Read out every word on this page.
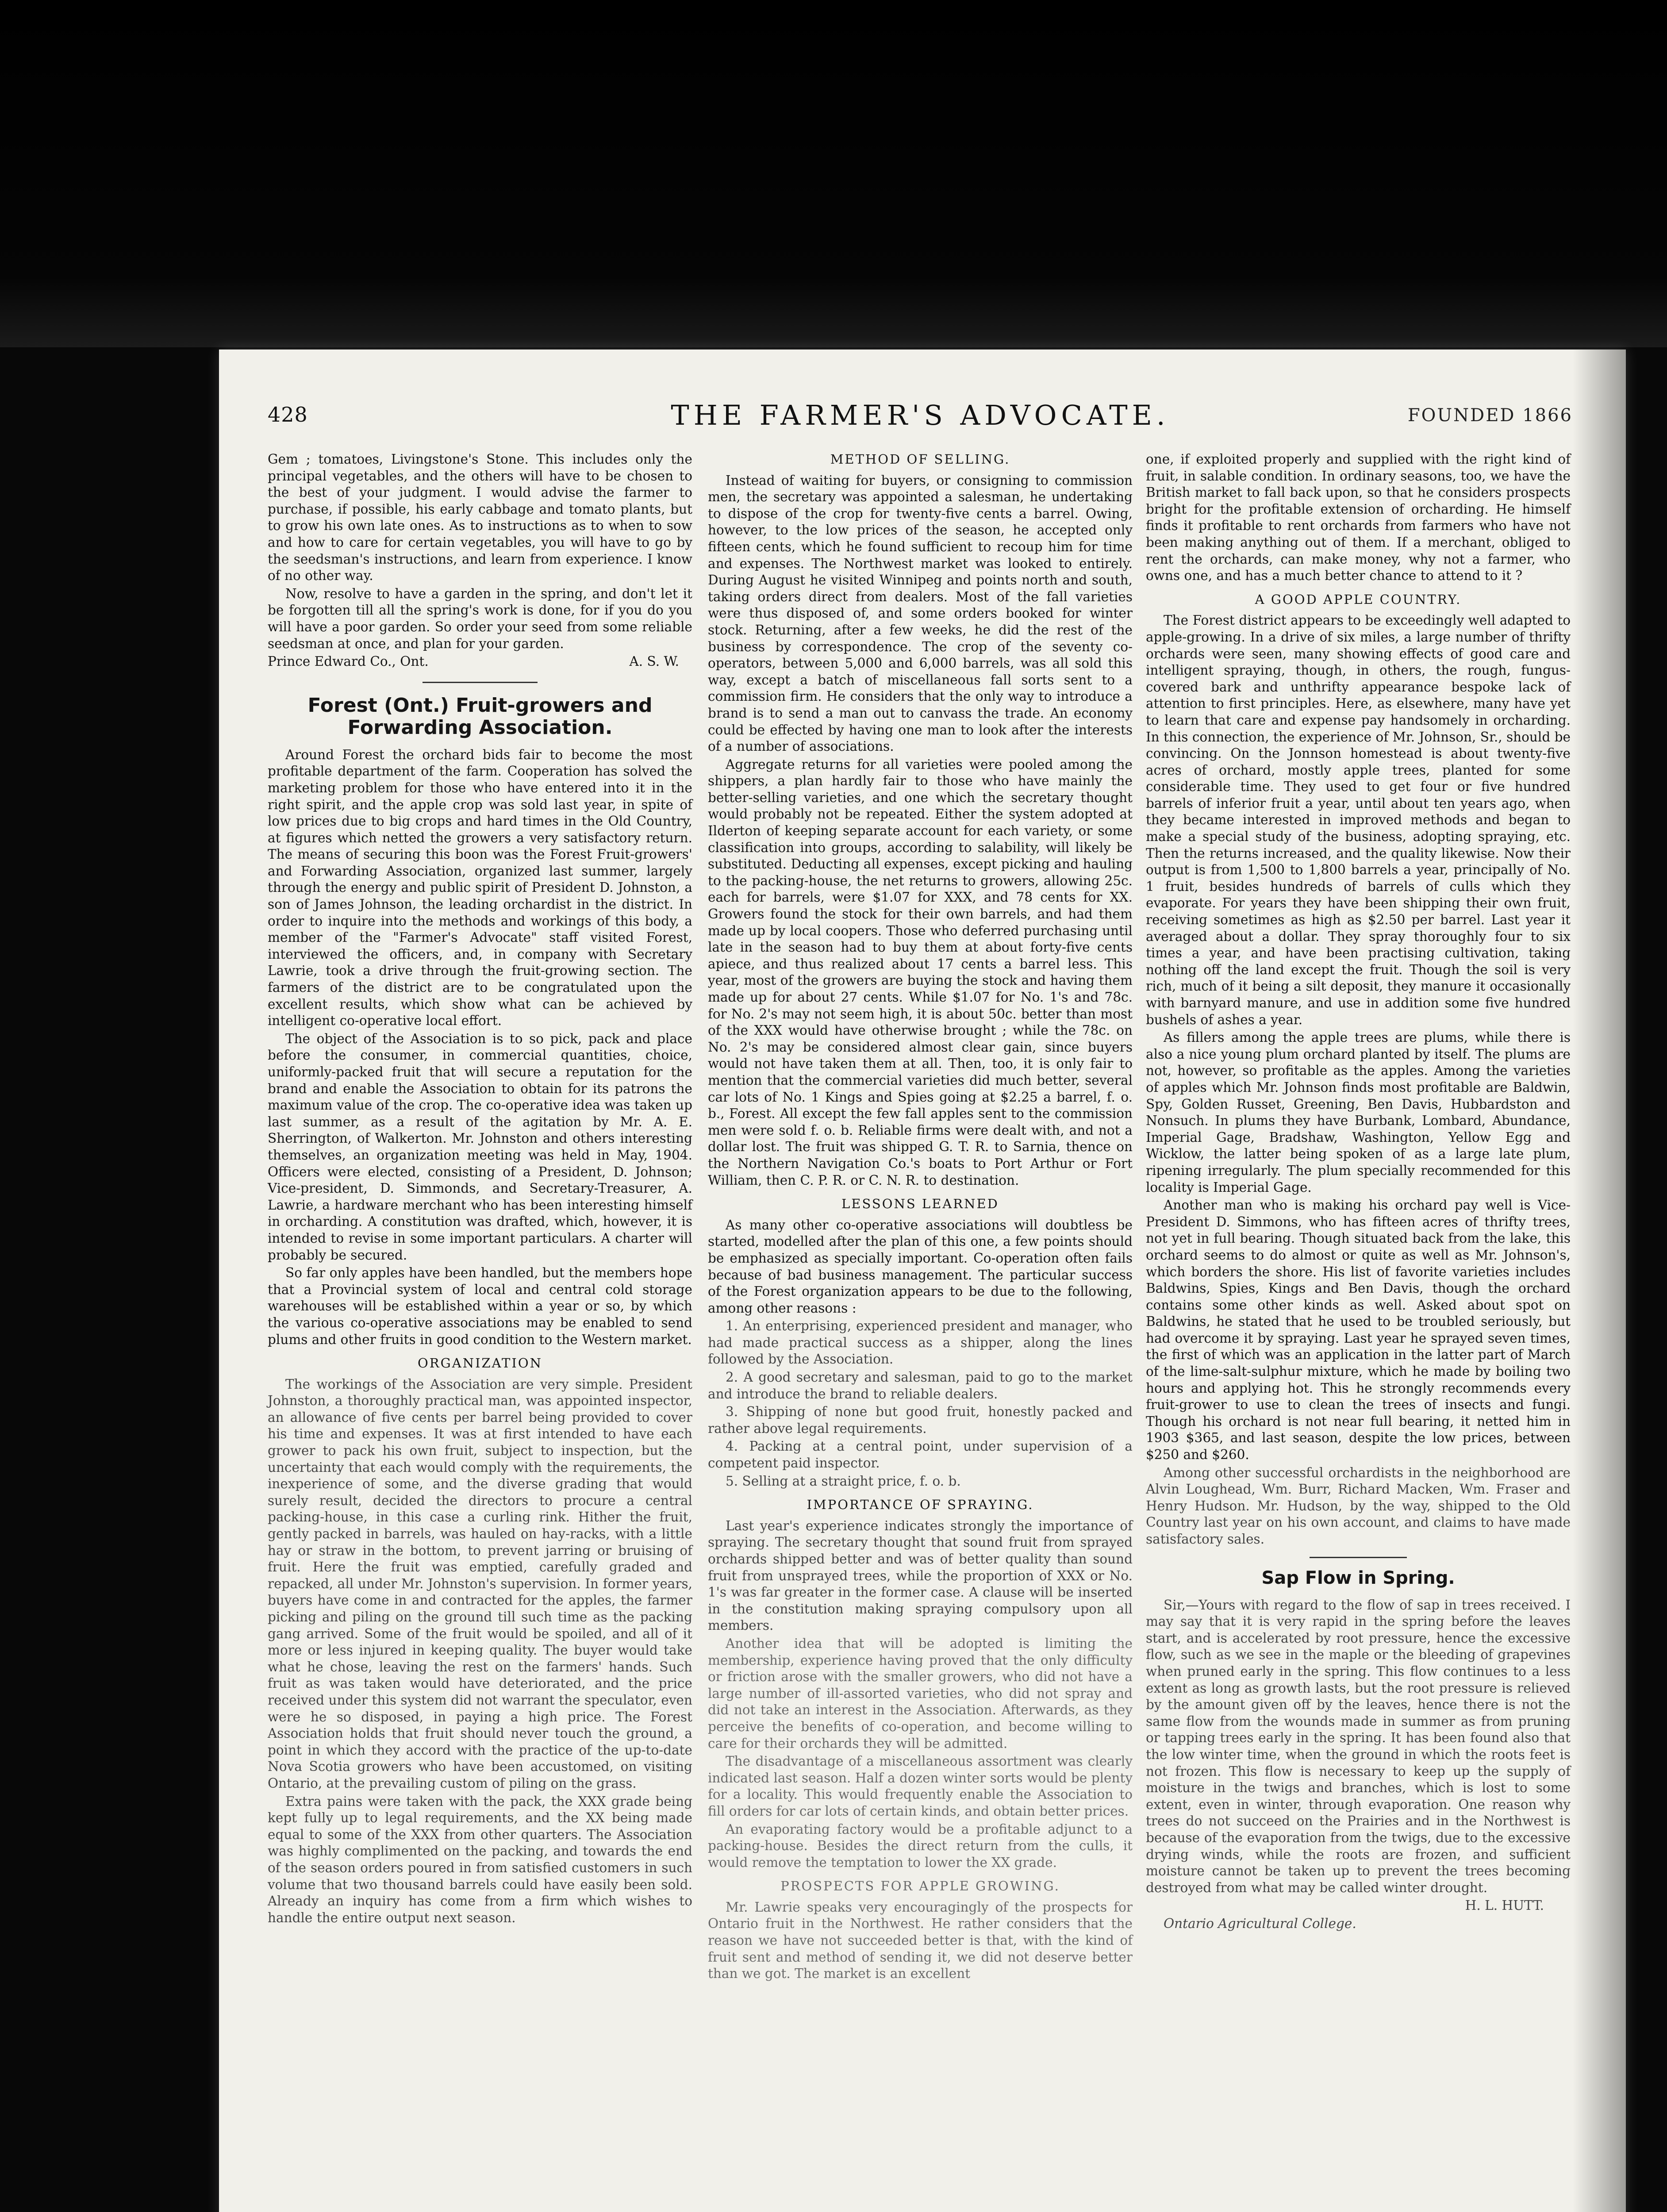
428	THE FARMER'S ADVOCATE.	FOUNDED 1866

Gem ; tomatoes, Livingstone's Stone. This includes only the principal vegetables, and the others will have to be chosen to the best of your judgment. I would advise the farmer to purchase, if possible, his early cabbage and tomato plants, but to grow his own late ones. As to instructions as to when to sow and how to care for certain vegetables, you will have to go by the seedsman's instructions, and learn from experience. I know of no other way.

Now, resolve to have a garden in the spring, and don't let it be forgotten till all the spring's work is done, for if you do you will have a poor garden. So order your seed from some reliable seedsman at once, and plan for your garden.

Prince Edward Co., Ont.	A. S. W.

Forest (Ont.) Fruit-growers and Forwarding Association.

Around Forest the orchard bids fair to become the most profitable department of the farm. Cooperation has solved the marketing problem for those who have entered into it in the right spirit, and the apple crop was sold last year, in spite of low prices due to big crops and hard times in the Old Country, at figures which netted the growers a very satisfactory return. The means of securing this boon was the Forest Fruit-growers' and Forwarding Association, organized last summer, largely through the energy and public spirit of President D. Johnston, a son of James Johnson, the leading orchardist in the district. In order to inquire into the methods and workings of this body, a member of the "Farmer's Advocate" staff visited Forest, interviewed the officers, and, in company with Secretary Lawrie, took a drive through the fruit-growing section. The farmers of the district are to be congratulated upon the excellent results, which show what can be achieved by intelligent co-operative local effort.

The object of the Association is to so pick, pack and place before the consumer, in commercial quantities, choice, uniformly-packed fruit that will secure a reputation for the brand and enable the Association to obtain for its patrons the maximum value of the crop. The co-operative idea was taken up last summer, as a result of the agitation by Mr. A. E. Sherrington, of Walkerton. Mr. Johnston and others interesting themselves, an organization meeting was held in May, 1904. Officers were elected, consisting of a President, D. Johnson; Vice-president, D. Simmonds, and Secretary-Treasurer, A. Lawrie, a hardware merchant who has been interesting himself in orcharding. A constitution was drafted, which, however, it is intended to revise in some important particulars. A charter will probably be secured.

So far only apples have been handled, but the members hope that a Provincial system of local and central cold storage warehouses will be established within a year or so, by which the various co-operative associations may be enabled to send plums and other fruits in good condition to the Western market.

ORGANIZATION

The workings of the Association are very simple. President Johnston, a thoroughly practical man, was appointed inspector, an allowance of five cents per barrel being provided to cover his time and expenses. It was at first intended to have each grower to pack his own fruit, subject to inspection, but the uncertainty that each would comply with the requirements, the inexperience of some, and the diverse grading that would surely result, decided the directors to procure a central packing-house, in this case a curling rink. Hither the fruit, gently packed in barrels, was hauled on hay-racks, with a little hay or straw in the bottom, to prevent jarring or bruising of fruit. Here the fruit was emptied, carefully graded and repacked, all under Mr. Johnston's supervision. In former years, buyers have come in and contracted for the apples, the farmer picking and piling on the ground till such time as the packing gang arrived. Some of the fruit would be spoiled, and all of it more or less injured in keeping quality. The buyer would take what he chose, leaving the rest on the farmers' hands. Such fruit as was taken would have deteriorated, and the price received under this system did not warrant the speculator, even were he so disposed, in paying a high price. The Forest Association holds that fruit should never touch the ground, a point in which they accord with the practice of the up-to-date Nova Scotia growers who have been accustomed, on visiting Ontario, at the prevailing custom of piling on the grass.

Extra pains were taken with the pack, the XXX grade being kept fully up to legal requirements, and the XX being made equal to some of the XXX from other quarters. The Association was highly complimented on the packing, and towards the end of the season orders poured in from satisfied customers in such volume that two thousand barrels could have easily been sold. Already an inquiry has come from a firm which wishes to handle the entire output next season.

METHOD OF SELLING.

Instead of waiting for buyers, or consigning to commission men, the secretary was appointed a salesman, he undertaking to dispose of the crop for twenty-five cents a barrel. Owing, however, to the low prices of the season, he accepted only fifteen cents, which he found sufficient to recoup him for time and expenses. The Northwest market was looked to entirely. During August he visited Winnipeg and points north and south, taking orders direct from dealers. Most of the fall varieties were thus disposed of, and some orders booked for winter stock. Returning, after a few weeks, he did the rest of the business by correspondence. The crop of the seventy co-operators, between 5,000 and 6,000 barrels, was all sold this way, except a batch of miscellaneous fall sorts sent to a commission firm. He considers that the only way to introduce a brand is to send a man out to canvass the trade. An economy could be effected by having one man to look after the interests of a number of associations.

Aggregate returns for all varieties were pooled among the shippers, a plan hardly fair to those who have mainly the better-selling varieties, and one which the secretary thought would probably not be repeated. Either the system adopted at Ilderton of keeping separate account for each variety, or some classification into groups, according to salability, will likely be substituted. Deducting all expenses, except picking and hauling to the packing-house, the net returns to growers, allowing 25c. each for barrels, were $1.07 for XXX, and 78 cents for XX. Growers found the stock for their own barrels, and had them made up by local coopers. Those who deferred purchasing until late in the season had to buy them at about forty-five cents apiece, and thus realized about 17 cents a barrel less. This year, most of the growers are buying the stock and having them made up for about 27 cents. While $1.07 for No. 1's and 78c. for No. 2's may not seem high, it is about 50c. better than most of the XXX would have otherwise brought ; while the 78c. on No. 2's may be considered almost clear gain, since buyers would not have taken them at all. Then, too, it is only fair to mention that the commercial varieties did much better, several car lots of No. 1 Kings and Spies going at $2.25 a barrel, f. o. b., Forest. All except the few fall apples sent to the commission men were sold f. o. b. Reliable firms were dealt with, and not a dollar lost. The fruit was shipped G. T. R. to Sarnia, thence on the Northern Navigation Co.'s boats to Port Arthur or Fort William, then C. P. R. or C. N. R. to destination.

LESSONS LEARNED

As many other co-operative associations will doubtless be started, modelled after the plan of this one, a few points should be emphasized as specially important. Co-operation often fails because of bad business management. The particular success of the Forest organization appears to be due to the following, among other reasons :

1. An enterprising, experienced president and manager, who had made practical success as a shipper, along the lines followed by the Association.

2. A good secretary and salesman, paid to go to the market and introduce the brand to reliable dealers.

3. Shipping of none but good fruit, honestly packed and rather above legal requirements.

4. Packing at a central point, under supervision of a competent paid inspector.

5. Selling at a straight price, f. o. b.

IMPORTANCE OF SPRAYING.

Last year's experience indicates strongly the importance of spraying. The secretary thought that sound fruit from sprayed orchards shipped better and was of better quality than sound fruit from unsprayed trees, while the proportion of XXX or No. 1's was far greater in the former case. A clause will be inserted in the constitution making spraying compulsory upon all members.

Another idea that will be adopted is limiting the membership, experience having proved that the only difficulty or friction arose with the smaller growers, who did not have a large number of ill-assorted varieties, who did not spray and did not take an interest in the Association. Afterwards, as they perceive the benefits of co-operation, and become willing to care for their orchards they will be admitted.

The disadvantage of a miscellaneous assortment was clearly indicated last season. Half a dozen winter sorts would be plenty for a locality. This would frequently enable the Association to fill orders for car lots of certain kinds, and obtain better prices.

An evaporating factory would be a profitable adjunct to a packing-house. Besides the direct return from the culls, it would remove the temptation to lower the XX grade.

PROSPECTS FOR APPLE GROWING.

Mr. Lawrie speaks very encouragingly of the prospects for Ontario fruit in the Northwest. He rather considers that the reason we have not succeeded better is that, with the kind of fruit sent and method of sending it, we did not deserve better than we got. The market is an excellent

one, if exploited properly and supplied with the right kind of fruit, in salable condition. In ordinary seasons, too, we have the British market to fall back upon, so that he considers prospects bright for the profitable extension of orcharding. He himself finds it profitable to rent orchards from farmers who have not been making anything out of them. If a merchant, obliged to rent the orchards, can make money, why not a farmer, who owns one, and has a much better chance to attend to it ?

A GOOD APPLE COUNTRY.

The Forest district appears to be exceedingly well adapted to apple-growing. In a drive of six miles, a large number of thrifty orchards were seen, many showing effects of good care and intelligent spraying, though, in others, the rough, fungus-covered bark and unthrifty appearance bespoke lack of attention to first principles. Here, as elsewhere, many have yet to learn that care and expense pay handsomely in orcharding. In this connection, the experience of Mr. Johnson, Sr., should be convincing. On the Jonnson homestead is about twenty-five acres of orchard, mostly apple trees, planted for some considerable time. They used to get four or five hundred barrels of inferior fruit a year, until about ten years ago, when they became interested in improved methods and began to make a special study of the business, adopting spraying, etc. Then the returns increased, and the quality likewise. Now their output is from 1,500 to 1,800 barrels a year, principally of No. 1 fruit, besides hundreds of barrels of culls which they evaporate. For years they have been shipping their own fruit, receiving sometimes as high as $2.50 per barrel. Last year it averaged about a dollar. They spray thoroughly four to six times a year, and have been practising cultivation, taking nothing off the land except the fruit. Though the soil is very rich, much of it being a silt deposit, they manure it occasionally with barnyard manure, and use in addition some five hundred bushels of ashes a year.

As fillers among the apple trees are plums, while there is also a nice young plum orchard planted by itself. The plums are not, however, so profitable as the apples. Among the varieties of apples which Mr. Johnson finds most profitable are Baldwin, Spy, Golden Russet, Greening, Ben Davis, Hubbardston and Nonsuch. In plums they have Burbank, Lombard, Abundance, Imperial Gage, Bradshaw, Washington, Yellow Egg and Wicklow, the latter being spoken of as a large late plum, ripening irregularly. The plum specially recommended for this locality is Imperial Gage.

Another man who is making his orchard pay well is Vice-President D. Simmons, who has fifteen acres of thrifty trees, not yet in full bearing. Though situated back from the lake, this orchard seems to do almost or quite as well as Mr. Johnson's, which borders the shore. His list of favorite varieties includes Baldwins, Spies, Kings and Ben Davis, though the orchard contains some other kinds as well. Asked about spot on Baldwins, he stated that he used to be troubled seriously, but had overcome it by spraying. Last year he sprayed seven times, the first of which was an application in the latter part of March of the lime-salt-sulphur mixture, which he made by boiling two hours and applying hot. This he strongly recommends every fruit-grower to use to clean the trees of insects and fungi. Though his orchard is not near full bearing, it netted him in 1903 $365, and last season, despite the low prices, between $250 and $260.

Among other successful orchardists in the neighborhood are Alvin Loughead, Wm. Burr, Richard Macken, Wm. Fraser and Henry Hudson. Mr. Hudson, by the way, shipped to the Old Country last year on his own account, and claims to have made satisfactory sales.

Sap Flow in Spring.

Sir,—Yours with regard to the flow of sap in trees received. I may say that it is very rapid in the spring before the leaves start, and is accelerated by root pressure, hence the excessive flow, such as we see in the maple or the bleeding of grapevines when pruned early in the spring. This flow continues to a less extent as long as growth lasts, but the root pressure is relieved by the amount given off by the leaves, hence there is not the same flow from the wounds made in summer as from pruning or tapping trees early in the spring. It has been found also that the low winter time, when the ground in which the roots feet is not frozen. This flow is necessary to keep up the supply of moisture in the twigs and branches, which is lost to some extent, even in winter, through evaporation. One reason why trees do not succeed on the Prairies and in the Northwest is because of the evaporation from the twigs, due to the excessive drying winds, while the roots are frozen, and sufficient moisture cannot be taken up to prevent the trees becoming destroyed from what may be called winter drought.

H. L. HUTT.

Ontario Agricultural College.
